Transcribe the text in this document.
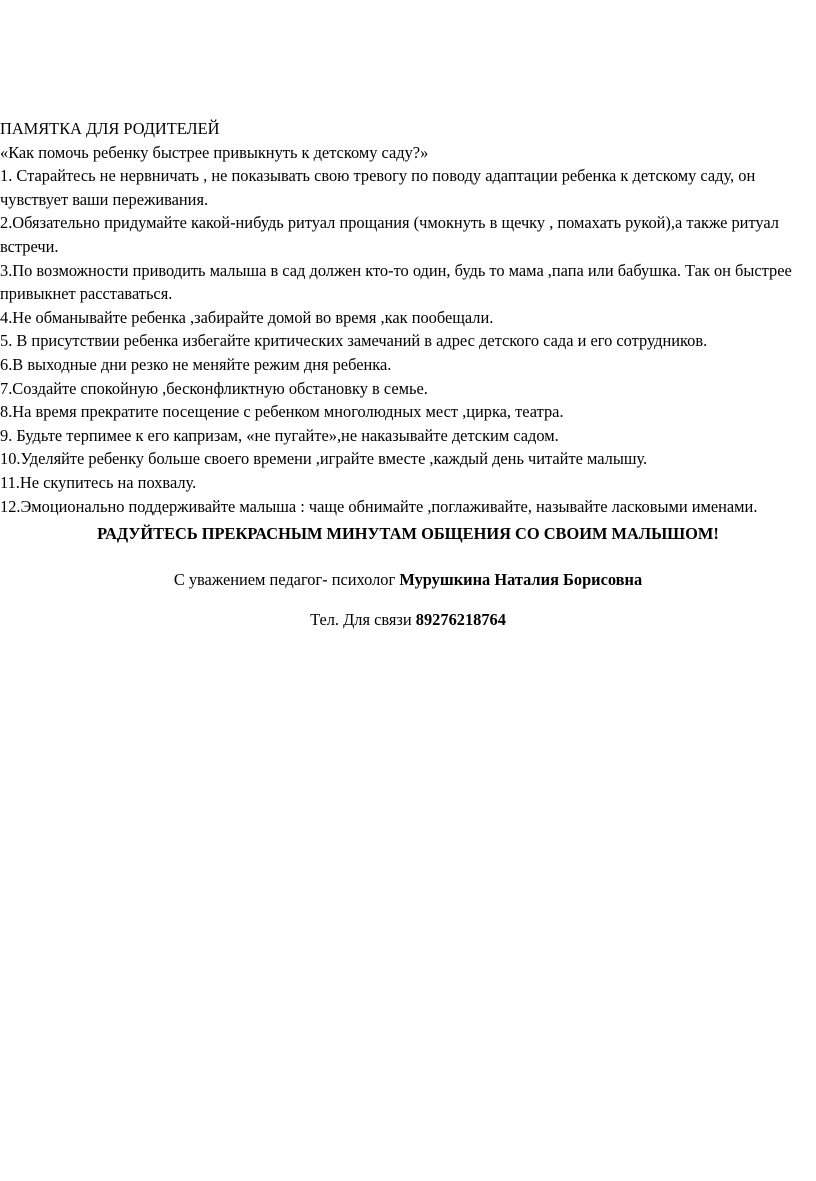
ПАМЯТКА ДЛЯ РОДИТЕЛЕЙ

«Как помочь ребенку быстрее привыкнуть к детскому саду?»

1. Старайтесь не нервничать , не показывать свою тревогу по поводу адаптации ребенка к детскому саду, он чувствует ваши переживания.

2.Обязательно придумайте какой-нибудь ритуал прощания (чмокнуть в щечку , помахать рукой),а также ритуал встречи.

3.По возможности приводить малыша в сад должен кто-то один, будь то мама ,папа или бабушка. Так он быстрее привыкнет расставаться.

4.Не обманывайте ребенка ,забирайте домой во время ,как пообещали.

5. В присутствии ребенка избегайте критических замечаний в адрес детского сада и его сотрудников.

6.В выходные дни резко не меняйте режим дня ребенка.

7.Создайте спокойную ,бесконфликтную обстановку в семье.

8.На время прекратите посещение с ребенком многолюдных мест ,цирка, театра.

9. Будьте терпимее к его капризам, «не пугайте»,не наказывайте детским садом.

10.Уделяйте ребенку больше своего времени ,играйте вместе ,каждый день читайте малышу.

11.Не скупитесь на похвалу.

12.Эмоционально поддерживайте малыша : чаще обнимайте ,поглаживайте, называйте ласковыми именами.

РАДУЙТЕСЬ ПРЕКРАСНЫМ МИНУТАМ ОБЩЕНИЯ СО СВОИМ МАЛЫШОМ!

С уважением педагог- психолог Мурушкина Наталия Борисовна

Тел. Для связи 89276218764
